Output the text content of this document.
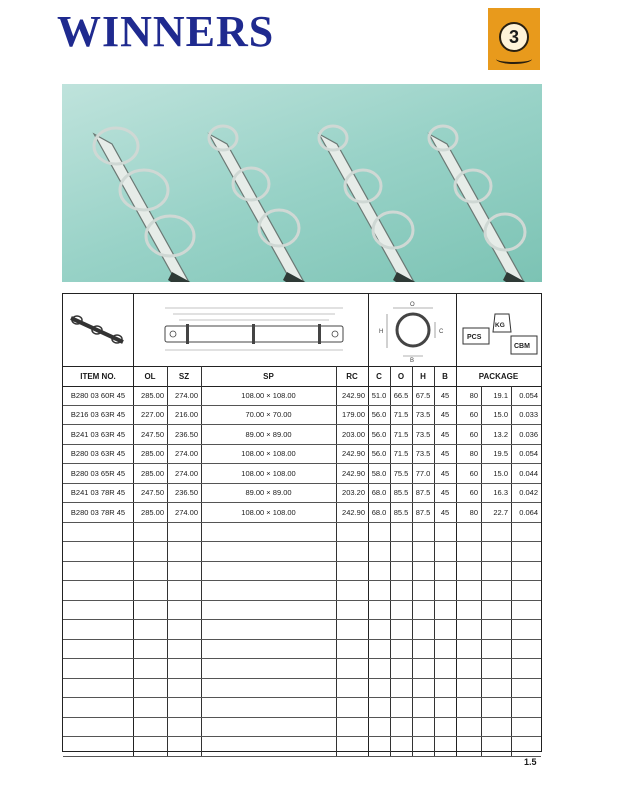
WINNERS	3
O
H	C
B
PCS
KG
CBM
ITEM NO.	OL	SZ	SP	RC	C	O	H	B	PACKAGE
B280 03 60R 45	285.00	274.00	108.00 × 108.00	242.90 51.0 66.5 67.5	45	80	19.1	0.054
B216 03 63R 45	227.00	216.00	70.00 × 70.00	179.00 56.0 71.5 73.5	45	60	15.0	0.033
B241 03 63R 45	247.50	236.50	89.00 × 89.00	203.00 56.0 71.5 73.5	45	60	13.2	0.036
B280 03 63R 45	285.00	274.00	108.00 × 108.00	242.90 56.0 71.5 73.5	45	80	19.5	0.054
B280 03 65R 45	285.00	274.00	108.00 × 108.00	242.90 58.0 75.5 77.0	45	60	15.0	0.044
B241 03 78R 45	247.50	236.50	89.00 × 89.00	203.20 68.0 85.5 87.5	45	60	16.3	0.042
B280 03 78R 45	285.00	274.00	108.00 × 108.00	242.90 68.0 85.5 87.5	45	80	22.7	0.064
1.5
